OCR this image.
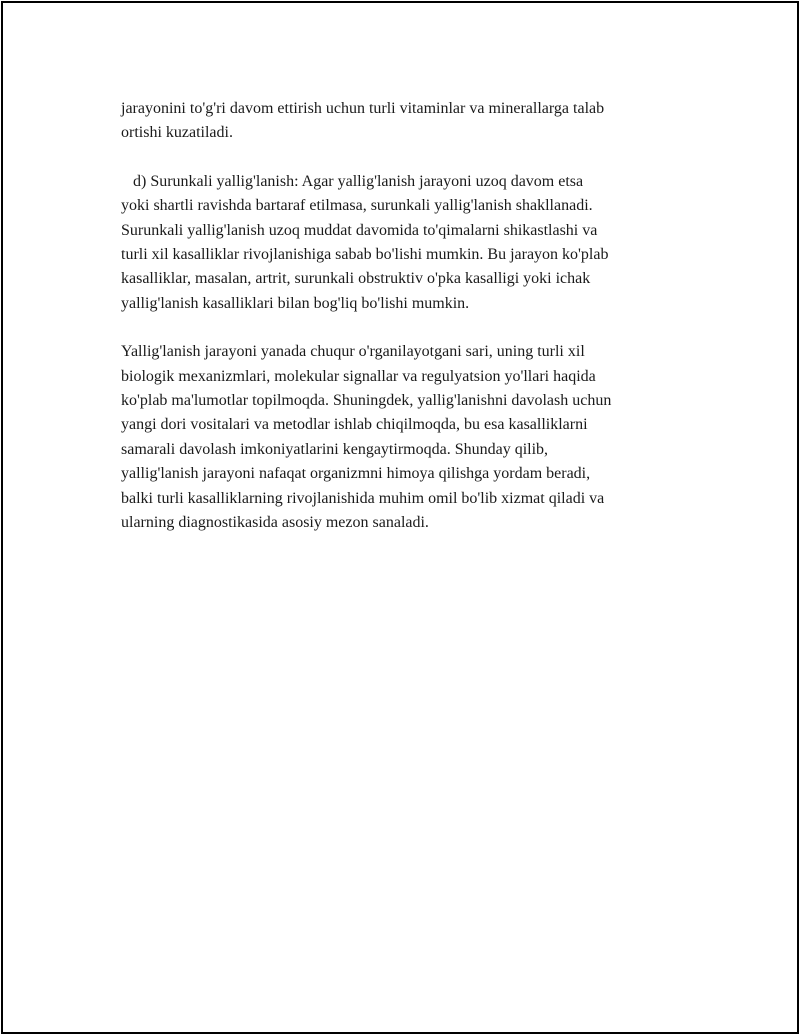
jarayonini to'g'ri davom ettirish uchun turli vitaminlar va minerallarga talab
ortishi kuzatiladi.

d) Surunkali yallig'lanish: Agar yallig'lanish jarayoni uzoq davom etsa
yoki shartli ravishda bartaraf etilmasa, surunkali yallig'lanish shakllanadi.
Surunkali yallig'lanish uzoq muddat davomida to'qimalarni shikastlashi va
turli xil kasalliklar rivojlanishiga sabab bo'lishi mumkin. Bu jarayon ko'plab
kasalliklar, masalan, artrit, surunkali obstruktiv o'pka kasalligi yoki ichak
yallig'lanish kasalliklari bilan bog'liq bo'lishi mumkin.

Yallig'lanish jarayoni yanada chuqur o'rganilayotgani sari, uning turli xil
biologik mexanizmlari, molekular signallar va regulyatsion yo'llari haqida
ko'plab ma'lumotlar topilmoqda. Shuningdek, yallig'lanishni davolash uchun
yangi dori vositalari va metodlar ishlab chiqilmoqda, bu esa kasalliklarni
samarali davolash imkoniyatlarini kengaytirmoqda. Shunday qilib,
yallig'lanish jarayoni nafaqat organizmni himoya qilishga yordam beradi,
balki turli kasalliklarning rivojlanishida muhim omil bo'lib xizmat qiladi va
ularning diagnostikasida asosiy mezon sanaladi.
